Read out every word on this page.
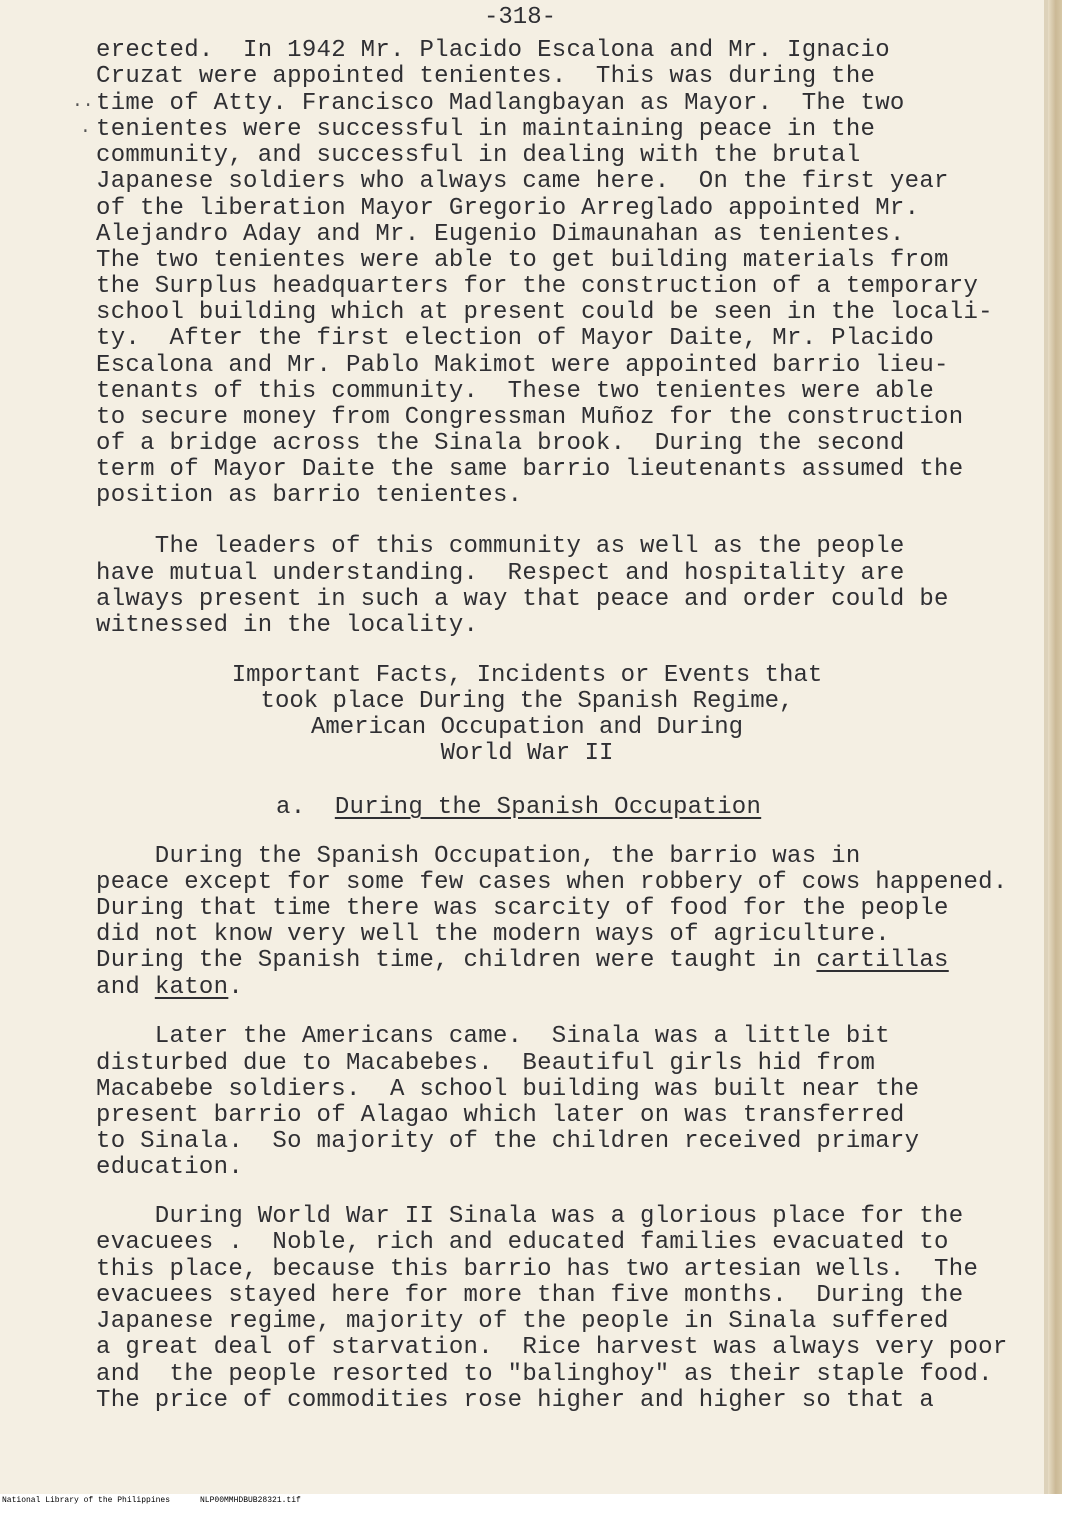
-318-
··
·
erected.  In 1942 Mr. Placido Escalona and Mr. Ignacio
Cruzat were appointed tenientes.  This was during the
time of Atty. Francisco Madlangbayan as Mayor.  The two
tenientes were successful in maintaining peace in the
community, and successful in dealing with the brutal
Japanese soldiers who always came here.  On the first year
of the liberation Mayor Gregorio Arreglado appointed Mr.
Alejandro Aday and Mr. Eugenio Dimaunahan as tenientes.
The two tenientes were able to get building materials from
the Surplus headquarters for the construction of a temporary
school building which at present could be seen in the locali-
ty.  After the first election of Mayor Daite, Mr. Placido
Escalona and Mr. Pablo Makimot were appointed barrio lieu-
tenants of this community.  These two tenientes were able
to secure money from Congressman Muñoz for the construction
of a bridge across the Sinala brook.  During the second
term of Mayor Daite the same barrio lieutenants assumed the
position as barrio tenientes.
The leaders of this community as well as the people
have mutual understanding.  Respect and hospitality are
always present in such a way that peace and order could be
witnessed in the locality.
Important Facts, Incidents or Events that
took place During the Spanish Regime,
American Occupation and During
World War II
a. During the Spanish Occupation
During the Spanish Occupation, the barrio was in
peace except for some few cases when robbery of cows happened.
During that time there was scarcity of food for the people
did not know very well the modern ways of agriculture.
During the Spanish time, children were taught in cartillas
and katon.
Later the Americans came.  Sinala was a little bit
disturbed due to Macabebes.  Beautiful girls hid from
Macabebe soldiers.  A school building was built near the
present barrio of Alagao which later on was transferred
to Sinala.  So majority of the children received primary
education.
During World War II Sinala was a glorious place for the
evacuees .  Noble, rich and educated families evacuated to
this place, because this barrio has two artesian wells.  The
evacuees stayed here for more than five months.  During the
Japanese regime, majority of the people in Sinala suffered
a great deal of starvation.  Rice harvest was always very poor
and  the people resorted to "balinghoy" as their staple food.
The price of commodities rose higher and higher so that a

National Library of the Philippines

	NLP00MMHDBUB28321.tif
